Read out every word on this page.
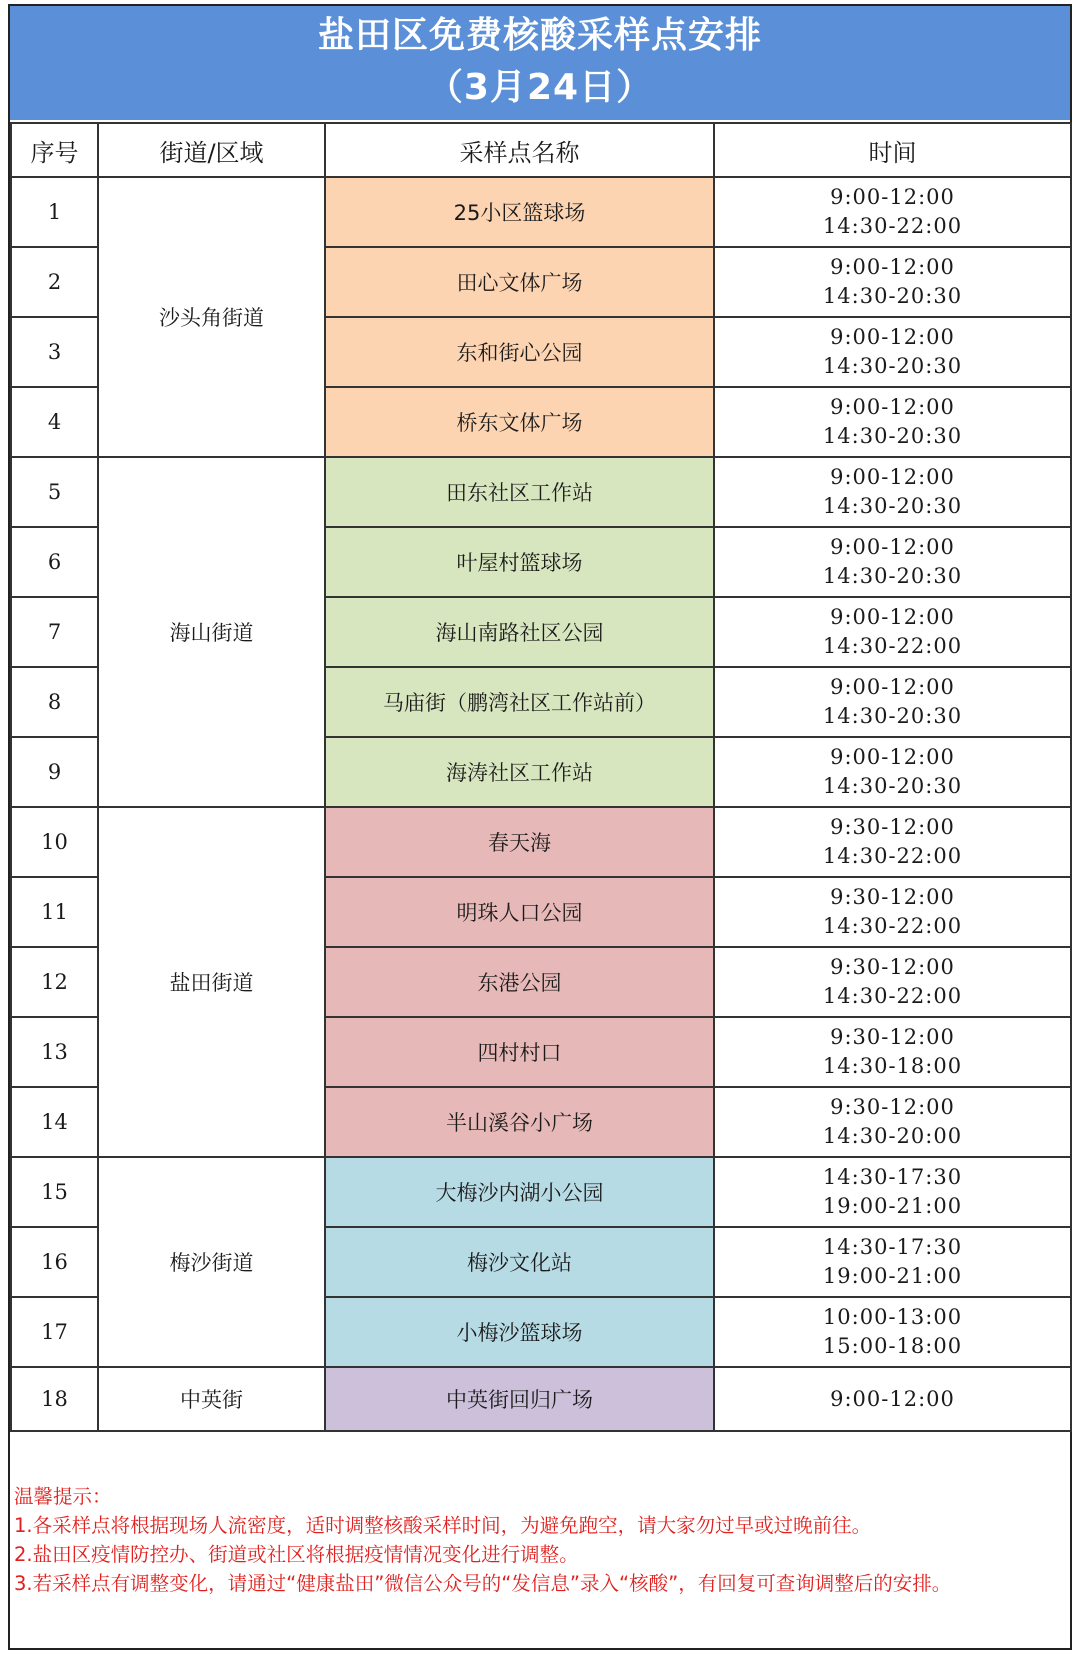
盐田区免费核酸采样点安排
（3月24日）
序号	街道/区域	采样点名称	时间
1	沙头角街道	25小区篮球场	9:00-12:00
14:30-22:00

2		田心文体广场	9:00-12:00
14:30-20:30

3		东和街心公园	9:00-12:00
14:30-20:30

4		桥东文体广场	9:00-12:00
14:30-20:30

5	海山街道	田东社区工作站	9:00-12:00
14:30-20:30

6		叶屋村篮球场	9:00-12:00
14:30-20:30

7		海山南路社区公园	9:00-12:00
14:30-22:00

8		马庙街（鹏湾社区工作站前）	9:00-12:00
14:30-20:30

9		海涛社区工作站	9:00-12:00
14:30-20:30

10	盐田街道	春天海	9:30-12:00
14:30-22:00

11		明珠人口公园	9:30-12:00
14:30-22:00

12		东港公园	9:30-12:00
14:30-22:00

13		四村村口	9:30-12:00
14:30-18:00

14		半山溪谷小广场	9:30-12:00
14:30-20:00

15	梅沙街道	大梅沙内湖小公园	14:30-17:30
19:00-21:00

16		梅沙文化站	14:30-17:30
19:00-21:00

17		小梅沙篮球场	10:00-13:00
15:00-18:00

18	中英街	中英街回归广场	9:00-12:00
温馨提示：
1.各采样点将根据现场人流密度，适时调整核酸采样时间，为避免跑空，请大家勿过早或过晚前往。
2.盐田区疫情防控办、街道或社区将根据疫情情况变化进行调整。
3.若采样点有调整变化，请通过“健康盐田”微信公众号的“发信息”录入“核酸”，有回复可查询调整后的安排。
